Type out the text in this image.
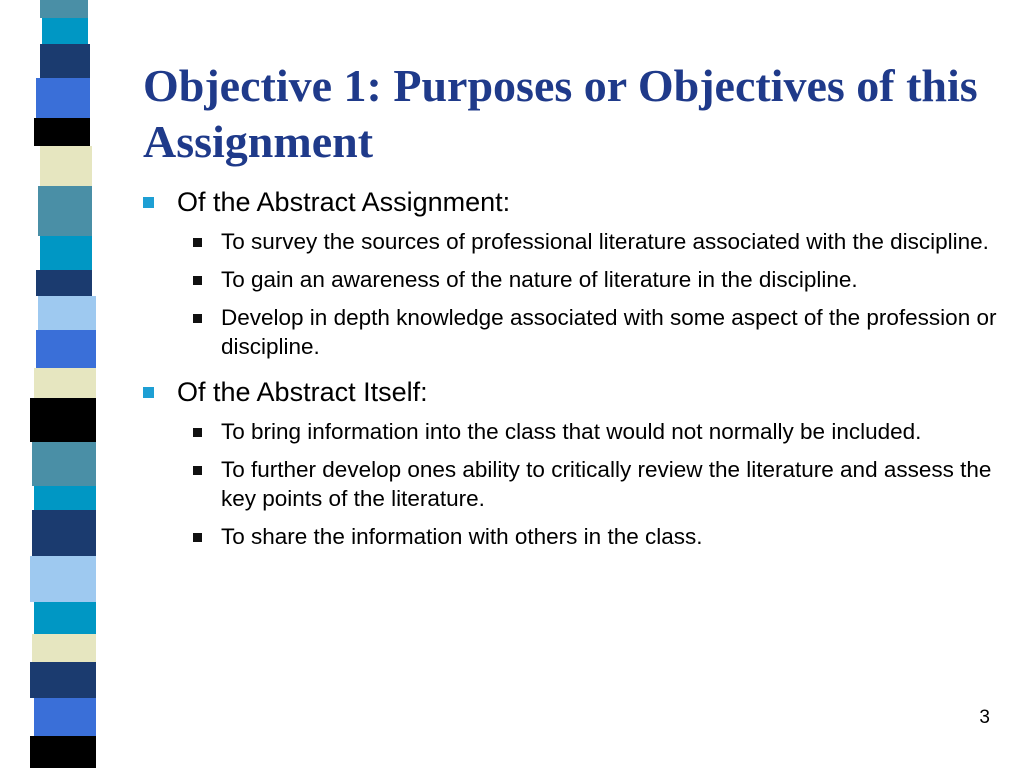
Objective 1: Purposes or Objectives of this Assignment
Of the Abstract Assignment:
To survey the sources of professional literature associated with the discipline.
To gain an awareness of the nature of literature in the discipline.
Develop in depth knowledge associated with some aspect of the profession or discipline.
Of the Abstract Itself:
To bring information into the class that would not normally be included.
To further develop ones ability to critically review the literature and assess the key points of the literature.
To share the information with others in the class.
3
